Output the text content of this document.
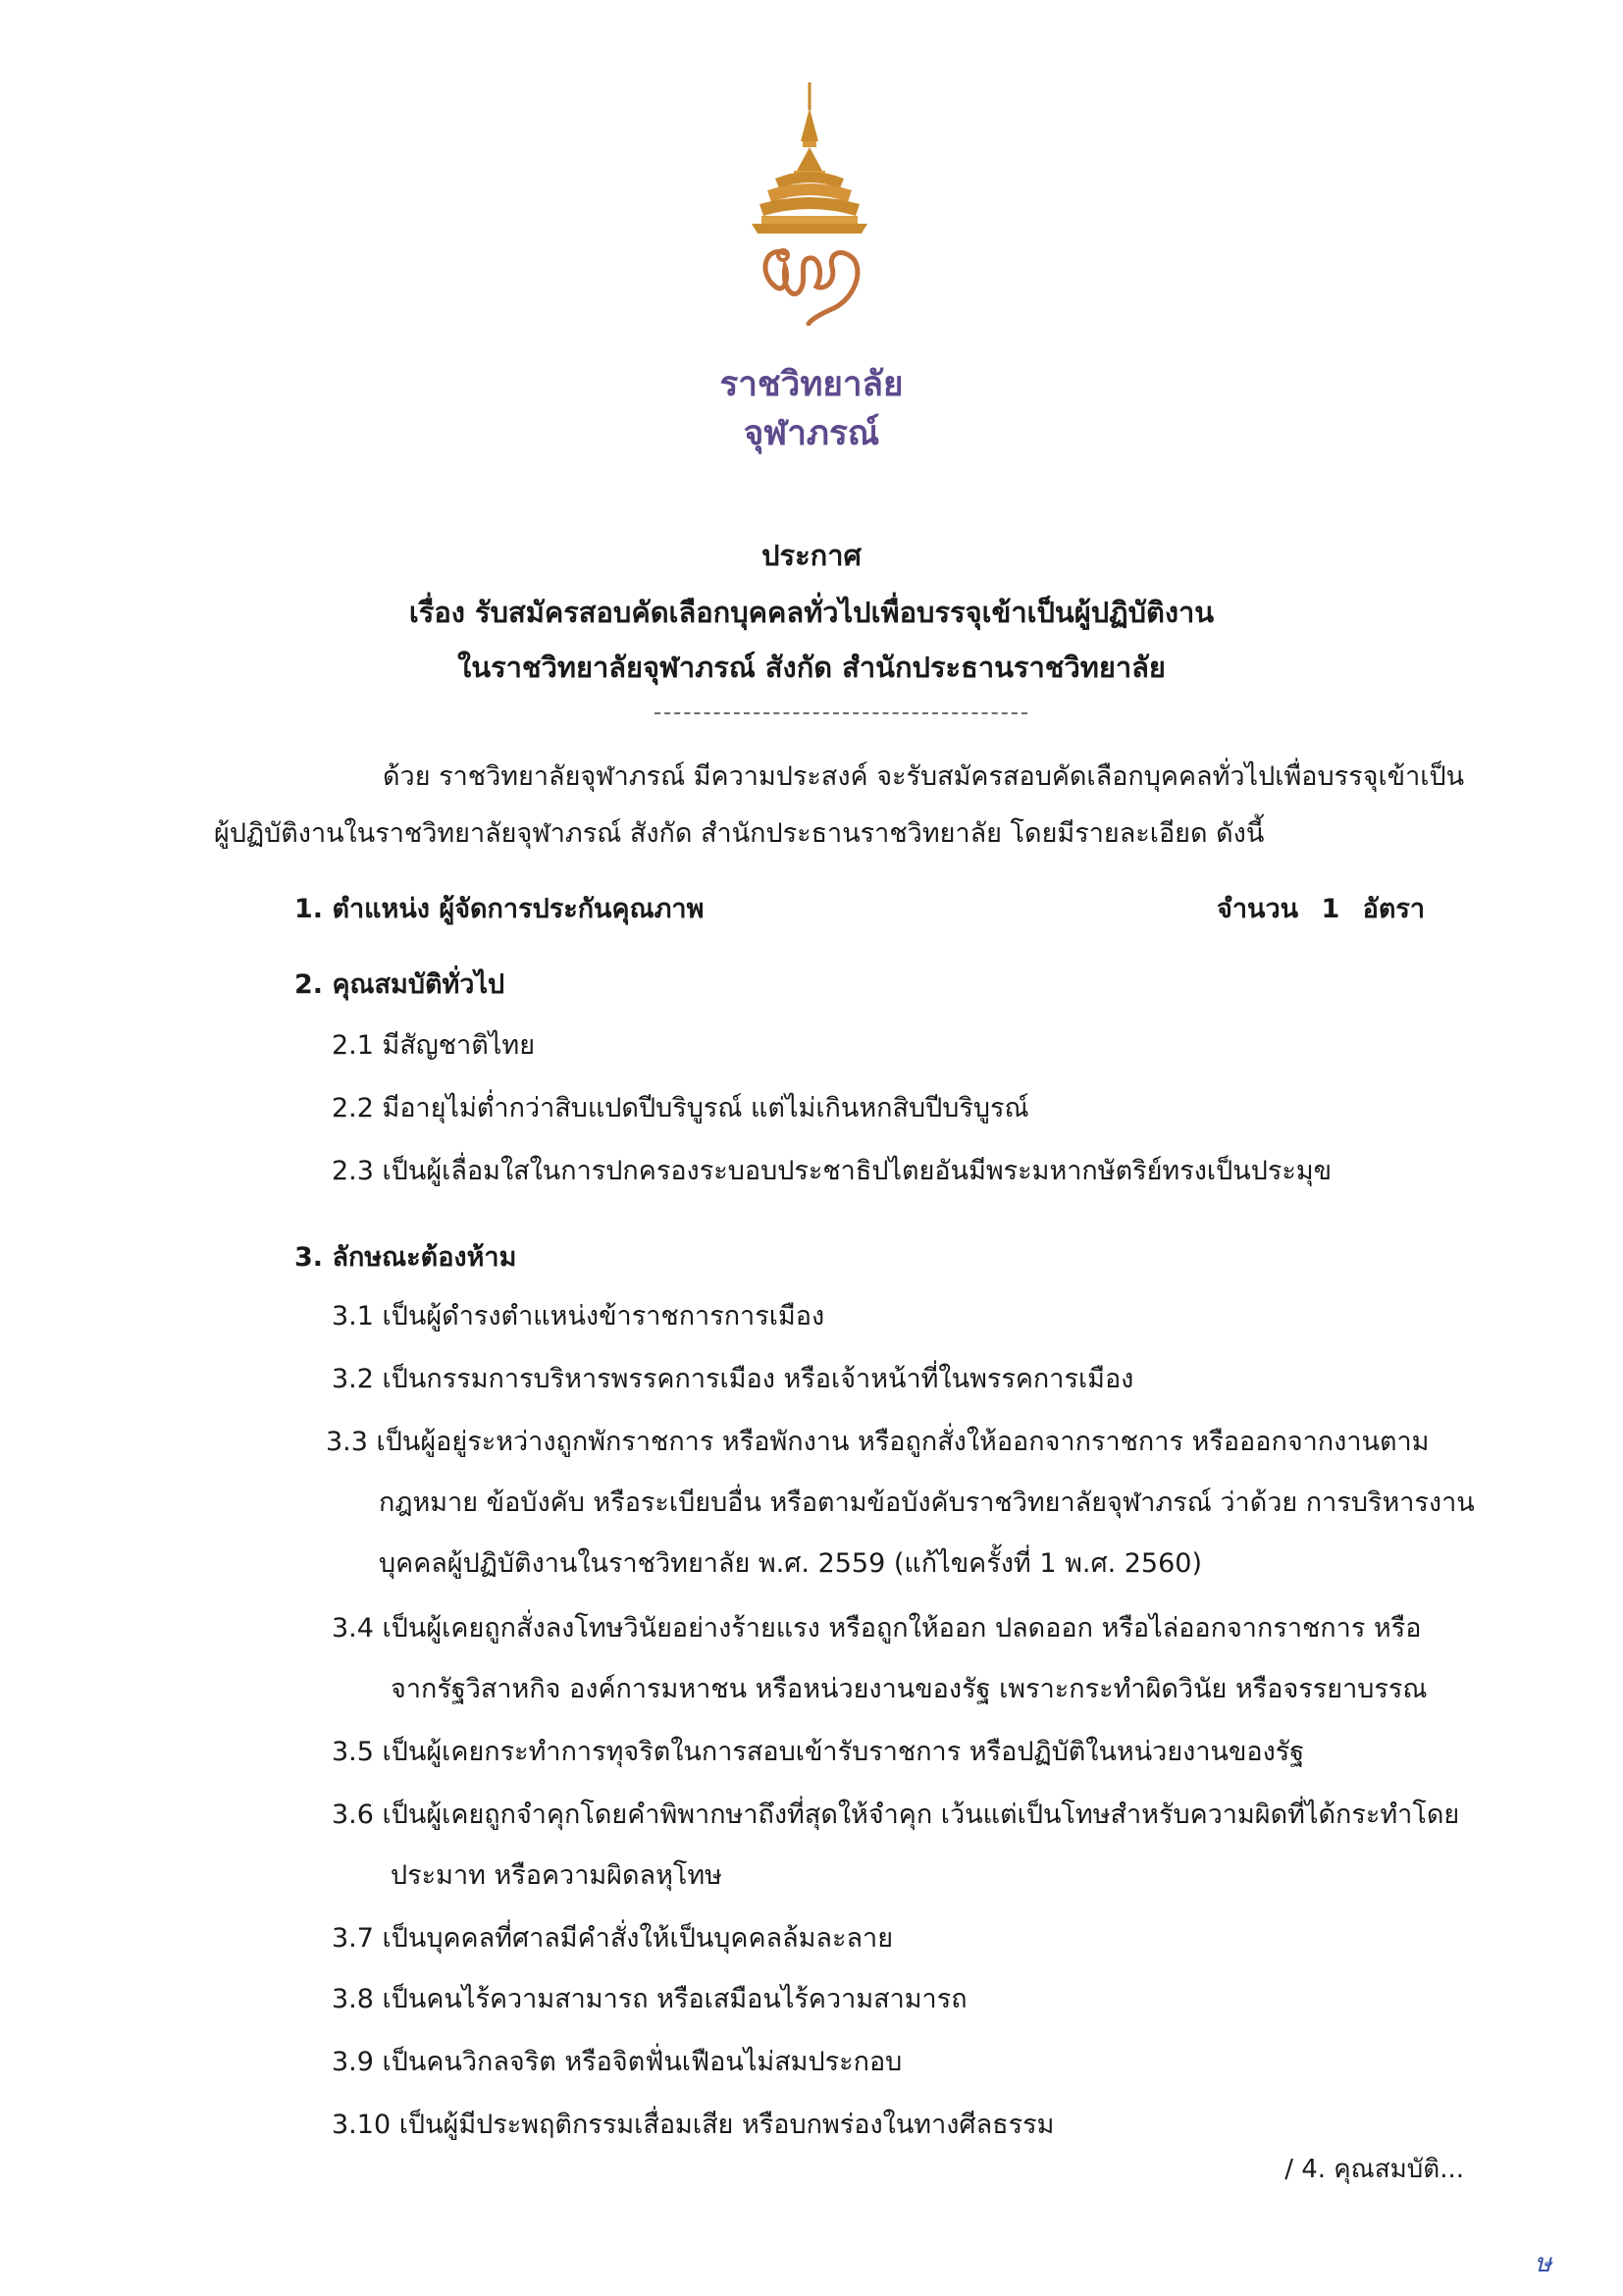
ราชวิทยาลัย
จุฬาภรณ์
ประกาศ
เรื่อง รับสมัครสอบคัดเลือกบุคคลทั่วไปเพื่อบรรจุเข้าเป็นผู้ปฏิบัติงาน
ในราชวิทยาลัยจุฬาภรณ์ สังกัด สำนักประธานราชวิทยาลัย
ด้วย ราชวิทยาลัยจุฬาภรณ์ มีความประสงค์ จะรับสมัครสอบคัดเลือกบุคคลทั่วไปเพื่อบรรจุเข้าเป็น
ผู้ปฏิบัติงานในราชวิทยาลัยจุฬาภรณ์ สังกัด สำนักประธานราชวิทยาลัย โดยมีรายละเอียด ดังนี้
1. ตำแหน่ง ผู้จัดการประกันคุณภาพ	จำนวน 1 อัตรา
2. คุณสมบัติทั่วไป
2.1 มีสัญชาติไทย
2.2 มีอายุไม่ต่ำกว่าสิบแปดปีบริบูรณ์ แต่ไม่เกินหกสิบปีบริบูรณ์
2.3 เป็นผู้เลื่อมใสในการปกครองระบอบประชาธิปไตยอันมีพระมหากษัตริย์ทรงเป็นประมุข
3. ลักษณะต้องห้าม
3.1 เป็นผู้ดำรงตำแหน่งข้าราชการการเมือง
3.2 เป็นกรรมการบริหารพรรคการเมือง หรือเจ้าหน้าที่ในพรรคการเมือง
3.3 เป็นผู้อยู่ระหว่างถูกพักราชการ หรือพักงาน หรือถูกสั่งให้ออกจากราชการ หรือออกจากงานตาม
กฎหมาย ข้อบังคับ หรือระเบียบอื่น หรือตามข้อบังคับราชวิทยาลัยจุฬาภรณ์ ว่าด้วย การบริหารงาน
บุคคลผู้ปฏิบัติงานในราชวิทยาลัย พ.ศ. 2559 (แก้ไขครั้งที่ 1 พ.ศ. 2560)
3.4 เป็นผู้เคยถูกสั่งลงโทษวินัยอย่างร้ายแรง หรือถูกให้ออก ปลดออก หรือไล่ออกจากราชการ หรือ
จากรัฐวิสาหกิจ องค์การมหาชน หรือหน่วยงานของรัฐ เพราะกระทำผิดวินัย หรือจรรยาบรรณ
3.5 เป็นผู้เคยกระทำการทุจริตในการสอบเข้ารับราชการ หรือปฏิบัติในหน่วยงานของรัฐ
3.6 เป็นผู้เคยถูกจำคุกโดยคำพิพากษาถึงที่สุดให้จำคุก เว้นแต่เป็นโทษสำหรับความผิดที่ได้กระทำโดย
ประมาท หรือความผิดลหุโทษ
3.7 เป็นบุคคลที่ศาลมีคำสั่งให้เป็นบุคคลล้มละลาย
3.8 เป็นคนไร้ความสามารถ หรือเสมือนไร้ความสามารถ
3.9 เป็นคนวิกลจริต หรือจิตฟั่นเฟือนไม่สมประกอบ
3.10 เป็นผู้มีประพฤติกรรมเสื่อมเสีย หรือบกพร่องในทางศีลธรรม
/ 4. คุณสมบัติ...
ษ
